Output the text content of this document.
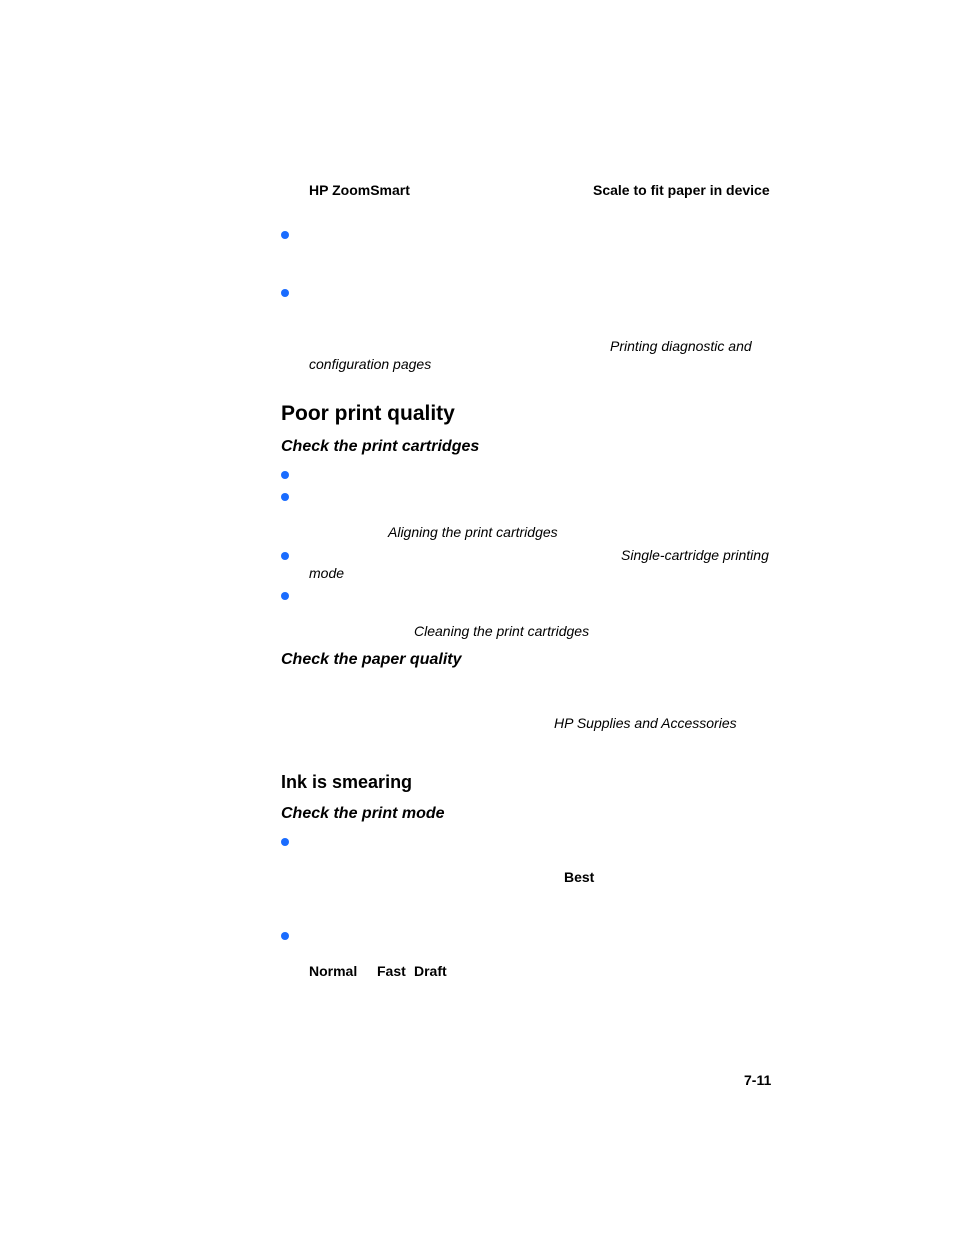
HP ZoomSmart	Scale to fit paper in device
Printing diagnostic and
configuration pages
Poor print quality
Check the print cartridges
Aligning the print cartridges
Single-cartridge printing
mode
Cleaning the print cartridges
Check the paper quality
HP Supplies and Accessories
Ink is smearing
Check the print mode
Best
Normal Fast Draft
7-11
